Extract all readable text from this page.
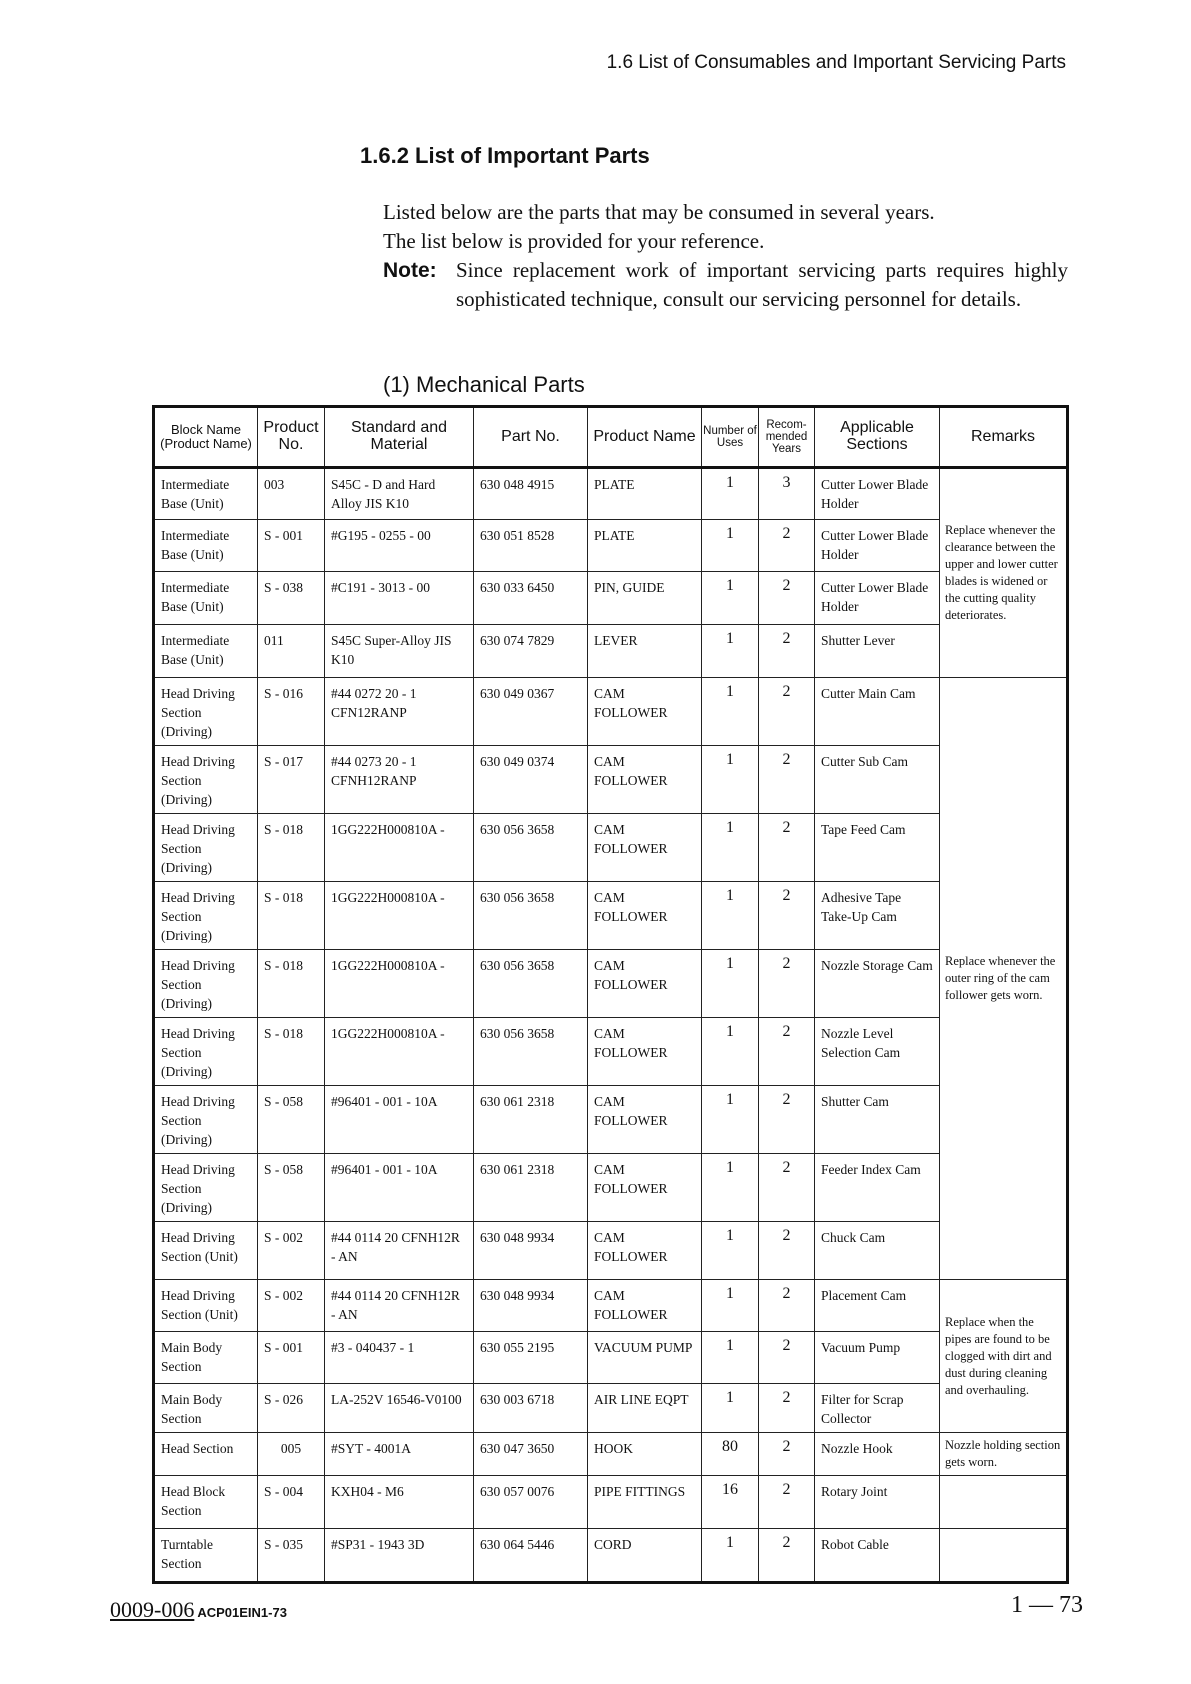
1.6 List of Consumables and Important Servicing Parts
1.6.2 List of Important Parts

Listed below are the parts that may be consumed in several years.

The list below is provided for your reference.

Note: Since replacement work of important servicing parts requires highly sophisticated technique, consult our servicing personnel for details.
(1) Mechanical Parts
Block Name (Product Name)	Product No.	Standard and Material	Part No.	Product Name	Number of Uses	Recom-mended Years	Applicable Sections	Remarks

Intermediate Base (Unit)	003	S45C - D and Hard Alloy JIS K10	630 048 4915	PLATE	1	3	Cutter Lower Blade Holder	Replace whenever the clearance between the upper and lower cutter blades is widened or the cutting quality deteriorates.

Intermediate Base (Unit)	S - 001	#G195 - 0255 - 00	630 051 8528	PLATE	1	2	Cutter Lower Blade Holder	

Intermediate Base (Unit)	S - 038	#C191 - 3013 - 00	630 033 6450	PIN, GUIDE	1	2	Cutter Lower Blade Holder	

Intermediate Base (Unit)	011	S45C Super-Alloy JIS K10	630 074 7829	LEVER	1	2	Shutter Lever	

Head Driving Section (Driving)	S - 016	#44 0272 20 - 1 CFN12RANP	630 049 0367	CAM FOLLOWER	1	2	Cutter Main Cam	Replace whenever the outer ring of the cam follower gets worn.

Head Driving Section (Driving)	S - 017	#44 0273 20 - 1 CFNH12RANP	630 049 0374	CAM FOLLOWER	1	2	Cutter Sub Cam	

Head Driving Section (Driving)	S - 018	1GG222H000810A -	630 056 3658	CAM FOLLOWER	1	2	Tape Feed Cam	

Head Driving Section (Driving)	S - 018	1GG222H000810A -	630 056 3658	CAM FOLLOWER	1	2	Adhesive Tape Take-Up Cam	

Head Driving Section (Driving)	S - 018	1GG222H000810A -	630 056 3658	CAM FOLLOWER	1	2	Nozzle Storage Cam	

Head Driving Section (Driving)	S - 018	1GG222H000810A -	630 056 3658	CAM FOLLOWER	1	2	Nozzle Level Selection Cam	

Head Driving Section (Driving)	S - 058	#96401 - 001 - 10A	630 061 2318	CAM FOLLOWER	1	2	Shutter Cam	

Head Driving Section (Driving)	S - 058	#96401 - 001 - 10A	630 061 2318	CAM FOLLOWER	1	2	Feeder Index Cam	

Head Driving Section (Unit)	S - 002	#44 0114 20 CFNH12R - AN	630 048 9934	CAM FOLLOWER	1	2	Chuck Cam	

Head Driving Section (Unit)	S - 002	#44 0114 20 CFNH12R - AN	630 048 9934	CAM FOLLOWER	1	2	Placement Cam	Replace when the pipes are found to be clogged with dirt and dust during cleaning and overhauling.

Main Body Section	S - 001	#3 - 040437 - 1	630 055 2195	VACUUM PUMP	1	2	Vacuum Pump	

Main Body Section	S - 026	LA-252V 16546-V0100	630 003 6718	AIR LINE EQPT	1	2	Filter for Scrap Collector	

Head Section	005	#SYT - 4001A	630 047 3650	HOOK	80	2	Nozzle Hook	Nozzle holding section gets worn.

Head Block Section	S - 004	KXH04 - M6	630 057 0076	PIPE FITTINGS	16	2	Rotary Joint	

Turntable Section	S - 035	#SP31 - 1943 3D	630 064 5446	CORD	1	2	Robot Cable	

0009-006 ACP01EIN1-73	1 — 73
